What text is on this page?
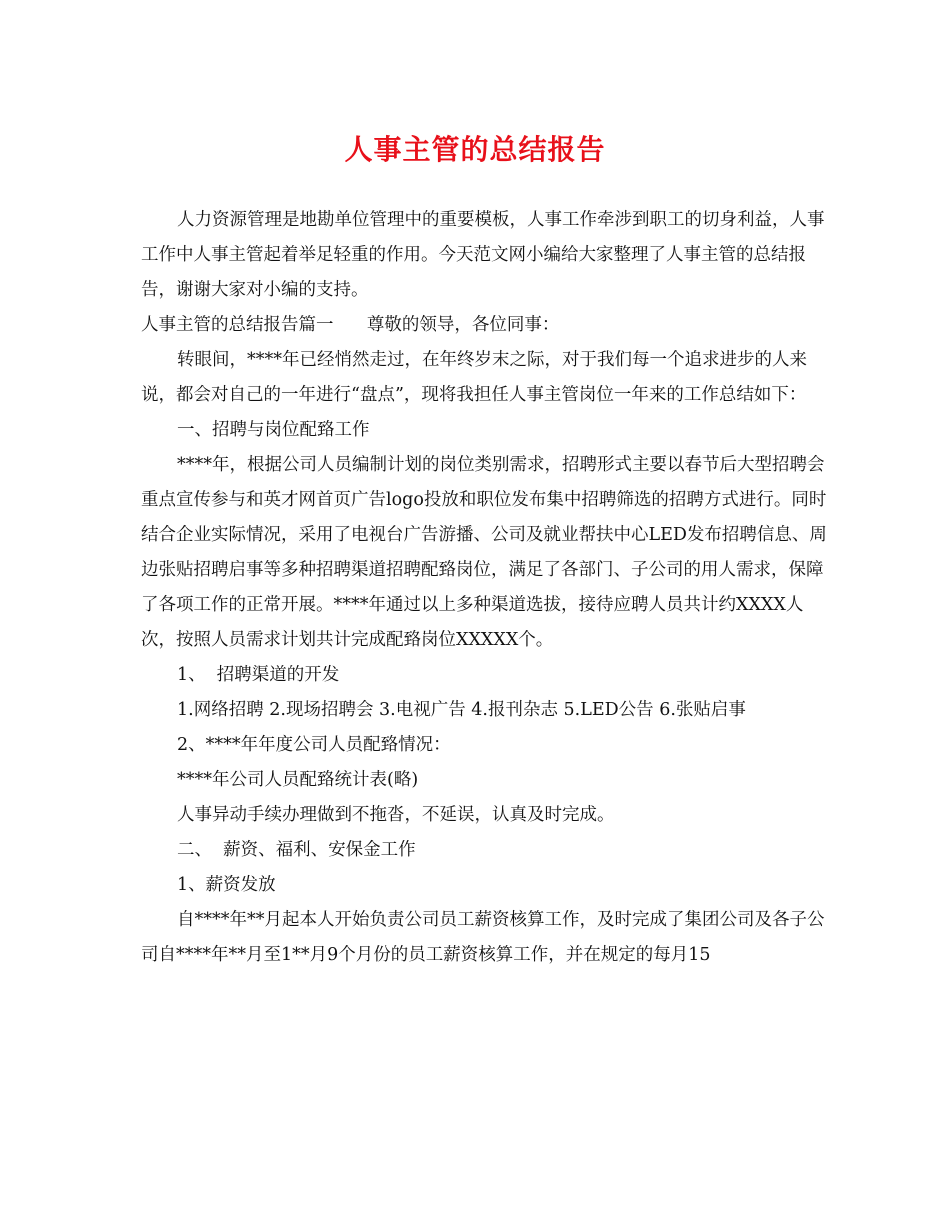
人事主管的总结报告

人力资源管理是地勘单位管理中的重要模板，人事工作牵涉到职工的切身利益，人事工作中人事主管起着举足轻重的作用。今天范文网小编给大家整理了人事主管的总结报告，谢谢大家对小编的支持。

人事主管的总结报告篇一      尊敬的领导，各位同事：

转眼间，****年已经悄然走过，在年终岁末之际，对于我们每一个追求进步的人来说，都会对自己的一年进行“盘点”，现将我担任人事主管岗位一年来的工作总结如下：

一、招聘与岗位配臵工作

****年，根据公司人员编制计划的岗位类别需求，招聘形式主要以春节后大型招聘会重点宣传参与和英才网首页广告logo投放和职位发布集中招聘筛选的招聘方式进行。同时结合企业实际情况，采用了电视台广告游播、公司及就业帮扶中心LED发布招聘信息、周边张贴招聘启事等多种招聘渠道招聘配臵岗位，满足了各部门、子公司的用人需求，保障了各项工作的正常开展。****年通过以上多种渠道选拔，接待应聘人员共计约XXXX人次，按照人员需求计划共计完成配臵岗位XXXXX个。

1、  招聘渠道的开发

1.网络招聘 2.现场招聘会 3.电视广告 4.报刊杂志 5.LED公告 6.张贴启事

2、****年年度公司人员配臵情况：

****年公司人员配臵统计表(略)

人事异动手续办理做到不拖沓，不延误，认真及时完成。

二、  薪资、福利、安保金工作

1、薪资发放

自****年**月起本人开始负责公司员工薪资核算工作，及时完成了集团公司及各子公司自****年**月至1**月9个月份的员工薪资核算工作，并在规定的每月15
